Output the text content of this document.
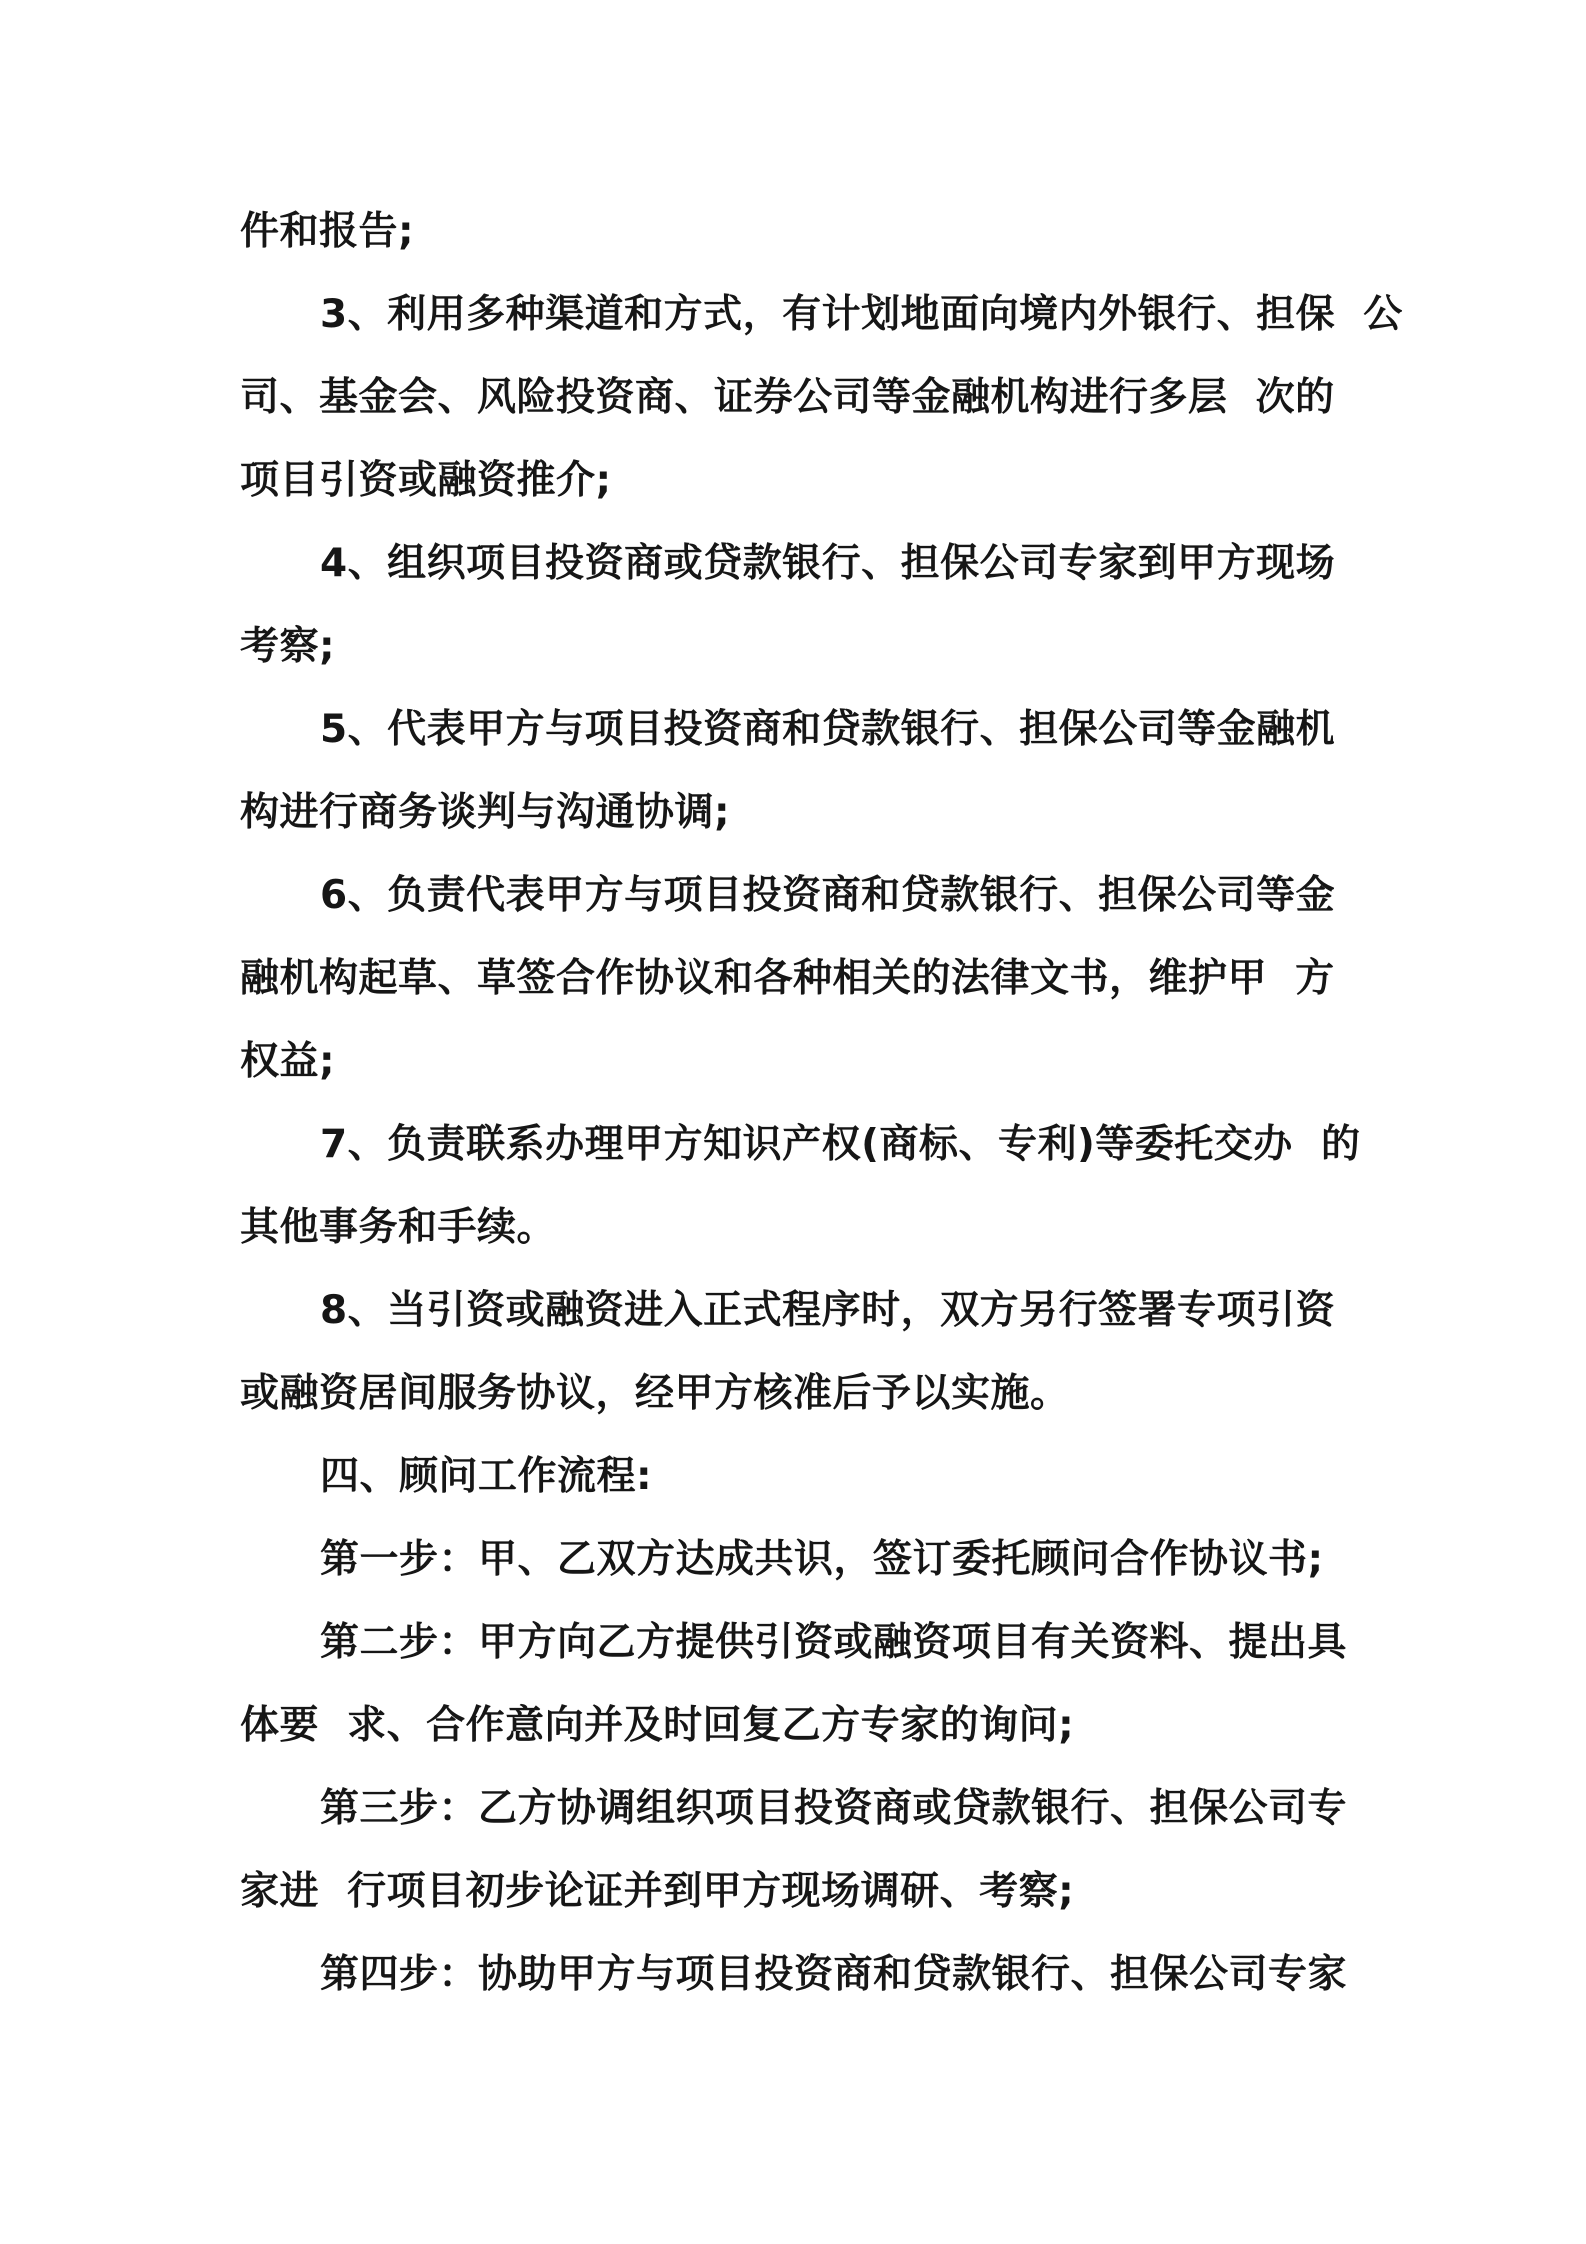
件和报告;
3、利用多种渠道和方式，有计划地面向境内外银行、担保  公
司、基金会、风险投资商、证券公司等金融机构进行多层  次的
项目引资或融资推介;
4、组织项目投资商或贷款银行、担保公司专家到甲方现场
考察;
5、代表甲方与项目投资商和贷款银行、担保公司等金融机
构进行商务谈判与沟通协调;
6、负责代表甲方与项目投资商和贷款银行、担保公司等金
融机构起草、草签合作协议和各种相关的法律文书，维护甲  方
权益;
7、负责联系办理甲方知识产权(商标、专利)等委托交办  的
其他事务和手续。
8、当引资或融资进入正式程序时，双方另行签署专项引资
或融资居间服务协议，经甲方核准后予以实施。
四、顾问工作流程:
第一步：甲、乙双方达成共识，签订委托顾问合作协议书;
第二步：甲方向乙方提供引资或融资项目有关资料、提出具
体要  求、合作意向并及时回复乙方专家的询问;
第三步：乙方协调组织项目投资商或贷款银行、担保公司专
家进  行项目初步论证并到甲方现场调研、考察;
第四步：协助甲方与项目投资商和贷款银行、担保公司专家
